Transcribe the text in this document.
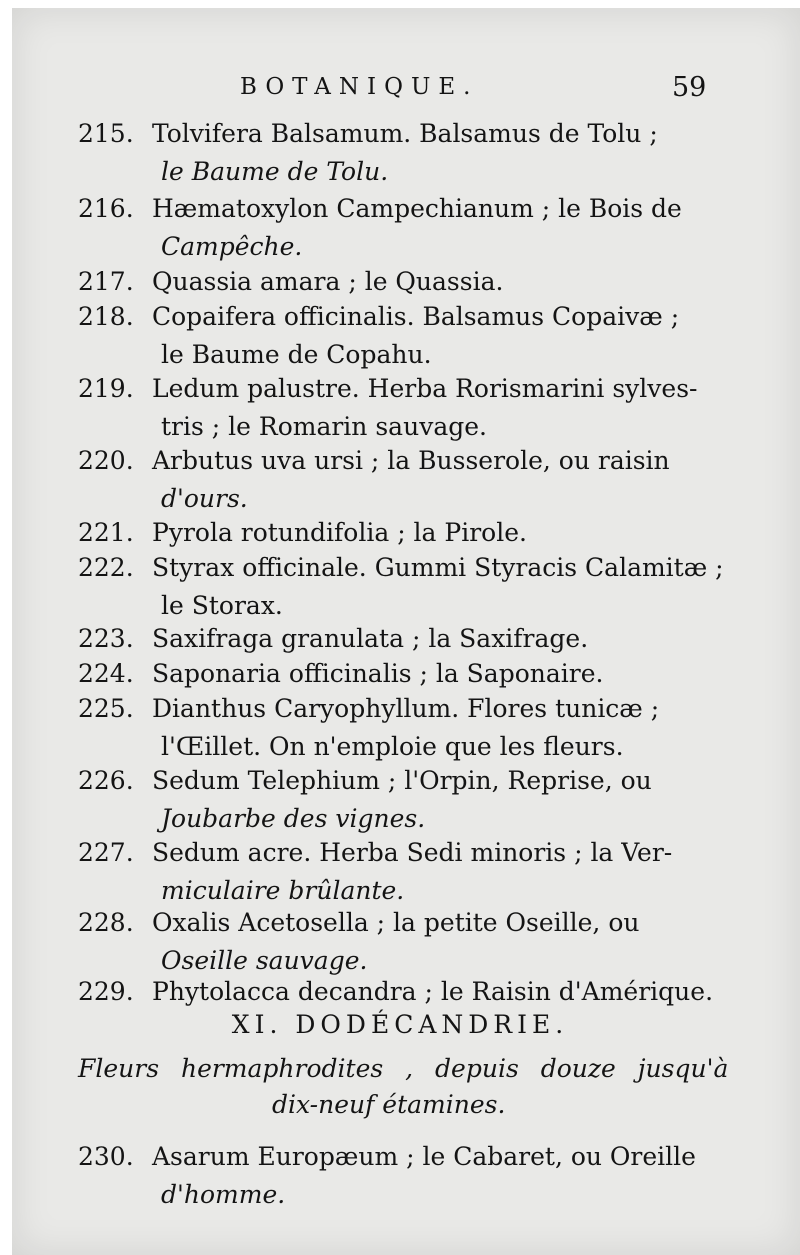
BOTANIQUE.	59
215. Tolvifera Balsamum. Balsamus de Tolu ;
le Baume de Tolu.
216. Hæmatoxylon Campechianum ; le Bois de
Campêche.
217. Quassia amara ; le Quassia.
218. Copaifera officinalis. Balsamus Copaivæ ;
le Baume de Copahu.
219. Ledum palustre. Herba Rorismarini sylves-
tris ; le Romarin sauvage.
220. Arbutus uva ursi ; la Busserole, ou raisin
d'ours.
221. Pyrola rotundifolia ; la Pirole.
222. Styrax officinale. Gummi Styracis Calamitæ ;
le Storax.
223. Saxifraga granulata ; la Saxifrage.
224. Saponaria officinalis ; la Saponaire.
225. Dianthus Caryophyllum. Flores tunicæ ;
l'Œillet. On n'emploie que les fleurs.
226. Sedum Telephium ; l'Orpin, Reprise, ou
Joubarbe des vignes.
227. Sedum acre. Herba Sedi minoris ; la Ver-
miculaire brûlante.
228. Oxalis Acetosella ; la petite Oseille, ou
Oseille sauvage.
229. Phytolacca decandra ; le Raisin d'Amérique.
XI. DODÉCANDRIE.
Fleurs hermaphrodites , depuis douze jusqu'à
dix-neuf étamines.
230. Asarum Europæum ; le Cabaret, ou Oreille
d'homme.
